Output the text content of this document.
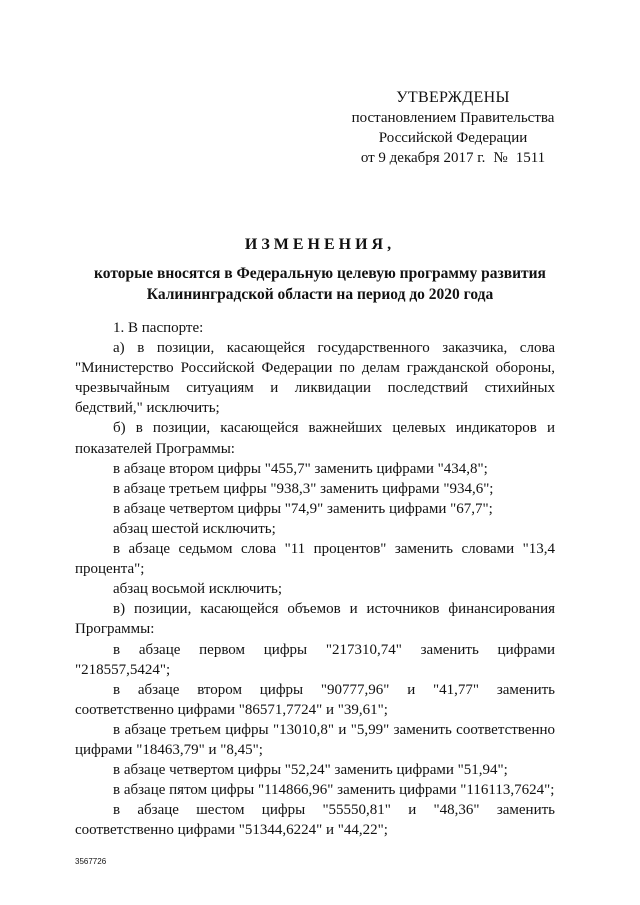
УТВЕРЖДЕНЫ
постановлением Правительства
Российской Федерации
от 9 декабря 2017 г. № 1511
ИЗМЕНЕНИЯ,
которые вносятся в Федеральную целевую программу развития
Калининградской области на период до 2020 года

1. В паспорте:

а) в позиции, касающейся государственного заказчика, слова "Министерство Российской Федерации по делам гражданской обороны, чрезвычайным ситуациям и ликвидации последствий стихийных бедствий," исключить;

б) в позиции, касающейся важнейших целевых индикаторов и показателей Программы:

в абзаце втором цифры "455,7" заменить цифрами "434,8";

в абзаце третьем цифры "938,3" заменить цифрами "934,6";

в абзаце четвертом цифры "74,9" заменить цифрами "67,7";

абзац шестой исключить;

в абзаце седьмом слова "11 процентов" заменить словами "13,4 процента";

абзац восьмой исключить;

в) позиции, касающейся объемов и источников финансирования Программы:

в абзаце первом цифры "217310,74" заменить цифрами "218557,5424";

в абзаце втором цифры "90777,96" и "41,77" заменить соответственно цифрами "86571,7724" и "39,61";

в абзаце третьем цифры "13010,8" и "5,99" заменить соответственно цифрами "18463,79" и "8,45";

в абзаце четвертом цифры "52,24" заменить цифрами "51,94";

в абзаце пятом цифры "114866,96" заменить цифрами "116113,7624";

в абзаце шестом цифры "55550,81" и "48,36" заменить соответственно цифрами "51344,6224" и "44,22";

3567726
